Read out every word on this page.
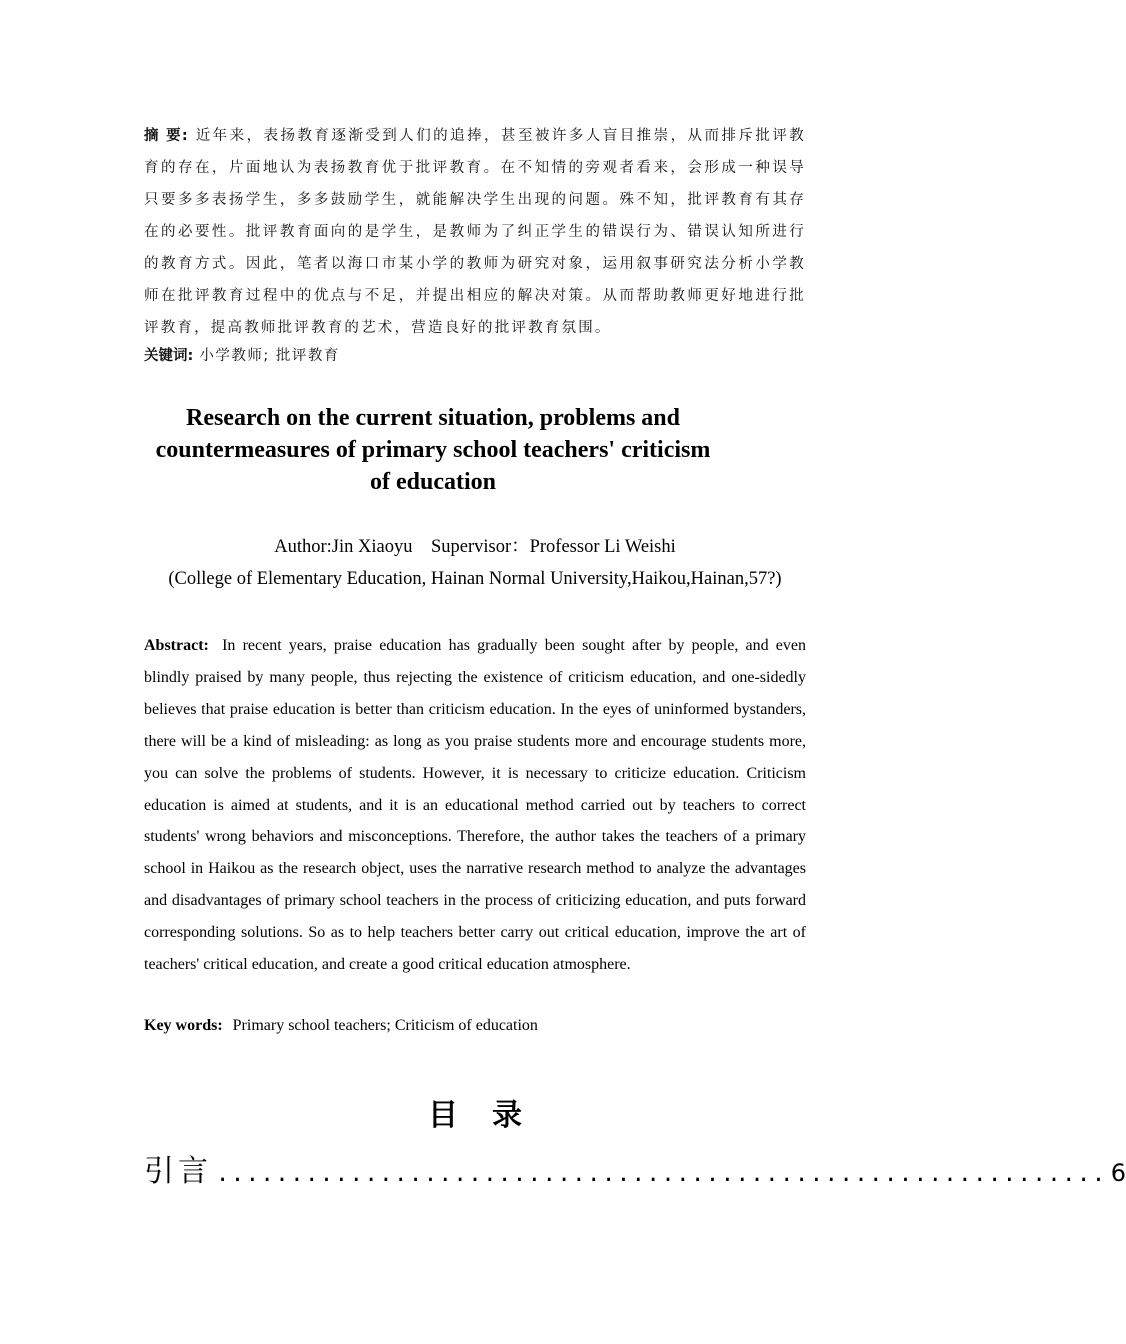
摘 要: 近年来，表扬教育逐渐受到人们的追捧，甚至被许多人盲目推崇，从而排斥批评教育的存在，片面地认为表扬教育优于批评教育。在不知情的旁观者看来，会形成一种误导只要多多表扬学生，多多鼓励学生，就能解决学生出现的问题。殊不知，批评教育有其存在的必要性。批评教育面向的是学生，是教师为了纠正学生的错误行为、错误认知所进行的教育方式。因此，笔者以海口市某小学的教师为研究对象，运用叙事研究法分析小学教师在批评教育过程中的优点与不足，并提出相应的解决对策。从而帮助教师更好地进行批评教育，提高教师批评教育的艺术，营造良好的批评教育氛围。
关键词: 小学教师; 批评教育
Research on the current situation, problems and countermeasures of primary school teachers' criticism of education
Author:Jin Xiaoyu    Supervisor：Professor Li Weishi
(College of Elementary Education, Hainan Normal University,Haikou,Hainan,57?)
Abstract: In recent years, praise education has gradually been sought after by people, and even blindly praised by many people, thus rejecting the existence of criticism education, and one-sidedly believes that praise education is better than criticism education. In the eyes of uninformed bystanders, there will be a kind of misleading: as long as you praise students more and encourage students more, you can solve the problems of students. However, it is necessary to criticize education. Criticism education is aimed at students, and it is an educational method carried out by teachers to correct students' wrong behaviors and misconceptions. Therefore, the author takes the teachers of a primary school in Haikou as the research object, uses the narrative research method to analyze the advantages and disadvantages of primary school teachers in the process of criticizing education, and puts forward corresponding solutions. So as to help teachers better carry out critical education, improve the art of teachers' critical education, and create a good critical education atmosphere.
Key words: Primary school teachers; Criticism of education
目录
引言 ............................................................ 6
